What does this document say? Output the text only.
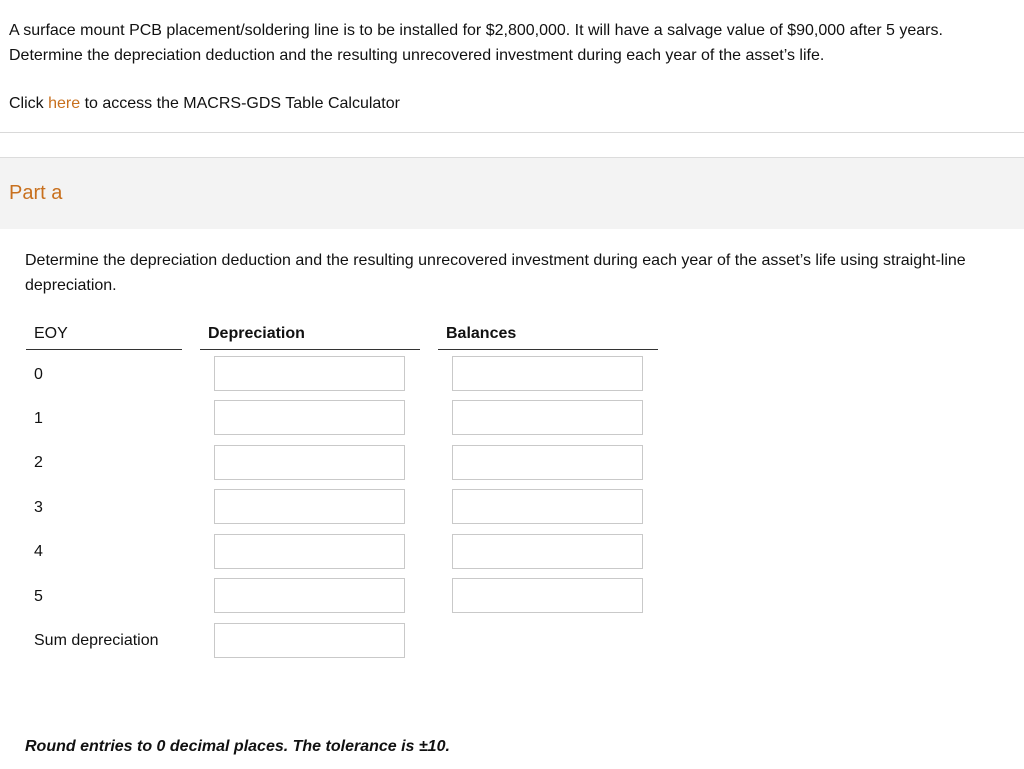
A surface mount PCB placement/soldering line is to be installed for $2,800,000. It will have a salvage value of $90,000 after 5 years. Determine the depreciation deduction and the resulting unrecovered investment during each year of the asset’s life.
Click here to access the MACRS-GDS Table Calculator
Part a
Determine the depreciation deduction and the resulting unrecovered investment during each year of the asset’s life using straight-line depreciation.
EOY	Depreciation	Balances
0
1
2
3
4
5
Sum depreciation
Round entries to 0 decimal places. The tolerance is ±10.
